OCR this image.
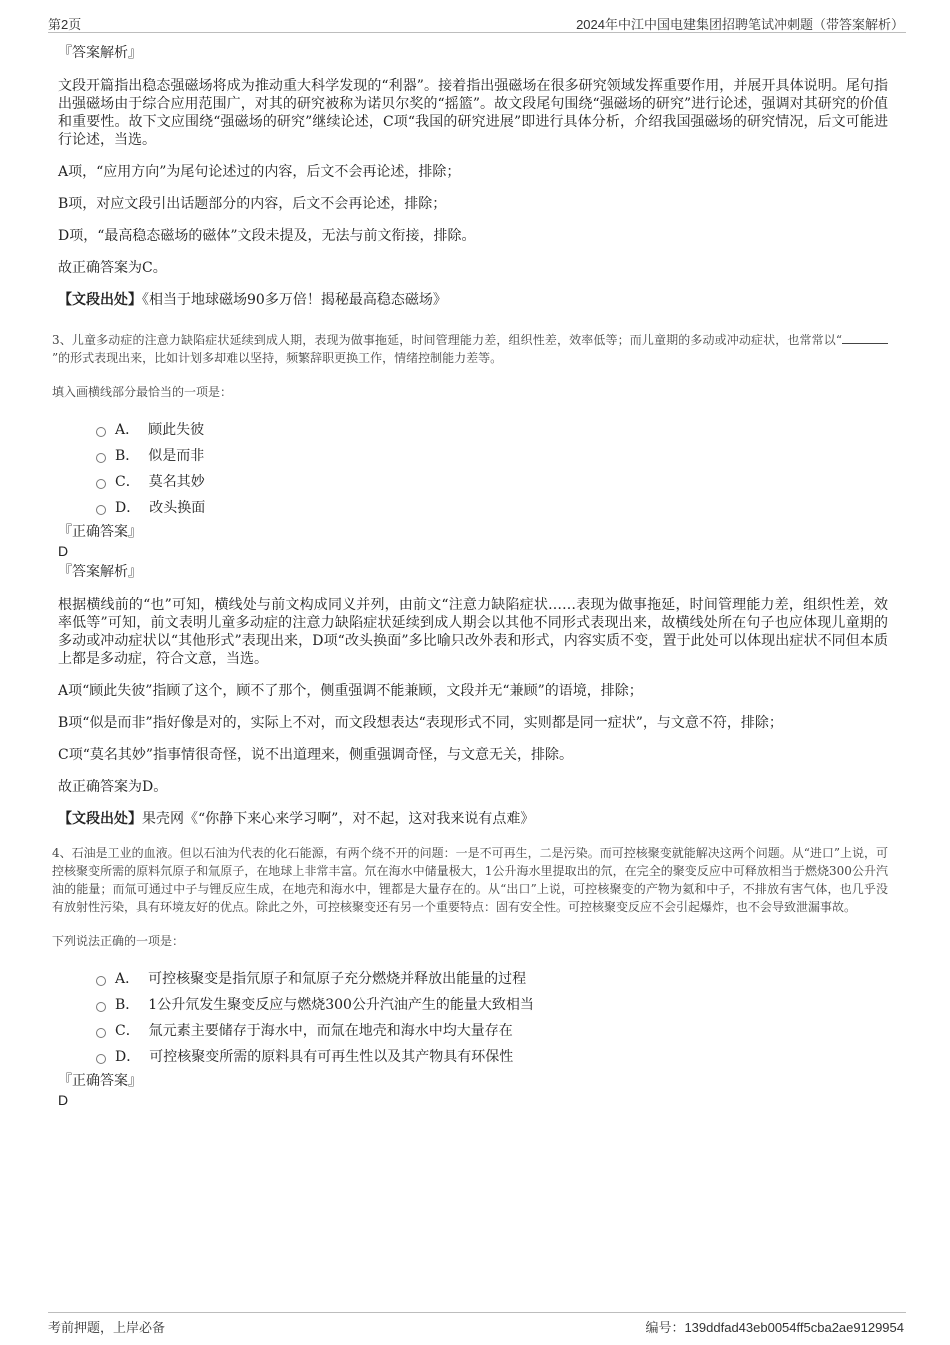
第2页	2024年中江中国电建集团招聘笔试冲刺题（带答案解析）
『答案解析』
文段开篇指出稳态强磁场将成为推动重大科学发现的“利器”。接着指出强磁场在很多研究领域发挥重要作用，并展开具体说明。尾句指出强磁场由于综合应用范围广，对其的研究被称为诺贝尔奖的“摇篮”。故文段尾句围绕“强磁场的研究”进行论述，强调对其研究的价值和重要性。故下文应围绕“强磁场的研究”继续论述，C项“我国的研究进展”即进行具体分析，介绍我国强磁场的研究情况，后文可能进行论述，当选。
A项，“应用方向”为尾句论述过的内容，后文不会再论述，排除；
B项，对应文段引出话题部分的内容，后文不会再论述，排除；
D项，“最高稳态磁场的磁体”文段未提及，无法与前文衔接，排除。
故正确答案为C。
【文段出处】《相当于地球磁场90多万倍！揭秘最高稳态磁场》
3、儿童多动症的注意力缺陷症状延续到成人期，表现为做事拖延，时间管理能力差，组织性差，效率低等；而儿童期的多动或冲动症状，也常常以“”的形式表现出来，比如计划多却难以坚持，频繁辞职更换工作，情绪控制能力差等。
填入画横线部分最恰当的一项是：
A． 顾此失彼
B． 似是而非
C． 莫名其妙
D． 改头换面
『正确答案』
D
『答案解析』
根据横线前的“也”可知，横线处与前文构成同义并列，由前文“注意力缺陷症状……表现为做事拖延，时间管理能力差，组织性差，效率低等”可知，前文表明儿童多动症的注意力缺陷症状延续到成人期会以其他不同形式表现出来，故横线处所在句子也应体现儿童期的多动或冲动症状以“其他形式”表现出来，D项“改头换面”多比喻只改外表和形式，内容实质不变，置于此处可以体现出症状不同但本质上都是多动症，符合文意，当选。
A项“顾此失彼”指顾了这个，顾不了那个，侧重强调不能兼顾，文段并无“兼顾”的语境，排除；
B项“似是而非”指好像是对的，实际上不对，而文段想表达“表现形式不同，实则都是同一症状”，与文意不符，排除；
C项“莫名其妙”指事情很奇怪，说不出道理来，侧重强调奇怪，与文意无关，排除。
故正确答案为D。
【文段出处】果壳网《“你静下来心来学习啊”，对不起，这对我来说有点难》
4、石油是工业的血液。但以石油为代表的化石能源，有两个绕不开的问题：一是不可再生，二是污染。而可控核聚变就能解决这两个问题。从“进口”上说，可控核聚变所需的原料氘原子和氚原子，在地球上非常丰富。氘在海水中储量极大，1公升海水里提取出的氘，在完全的聚变反应中可释放相当于燃烧300公升汽油的能量；而氚可通过中子与锂反应生成，在地壳和海水中，锂都是大量存在的。从“出口”上说，可控核聚变的产物为氦和中子，不排放有害气体，也几乎没有放射性污染，具有环境友好的优点。除此之外，可控核聚变还有另一个重要特点：固有安全性。可控核聚变反应不会引起爆炸，也不会导致泄漏事故。
下列说法正确的一项是：
A． 可控核聚变是指氘原子和氚原子充分燃烧并释放出能量的过程
B． 1公升氘发生聚变反应与燃烧300公升汽油产生的能量大致相当
C． 氚元素主要储存于海水中，而氚在地壳和海水中均大量存在
D． 可控核聚变所需的原料具有可再生性以及其产物具有环保性
『正确答案』
D
考前押题，上岸必备	编号：139ddfad43eb0054ff5cba2ae9129954
